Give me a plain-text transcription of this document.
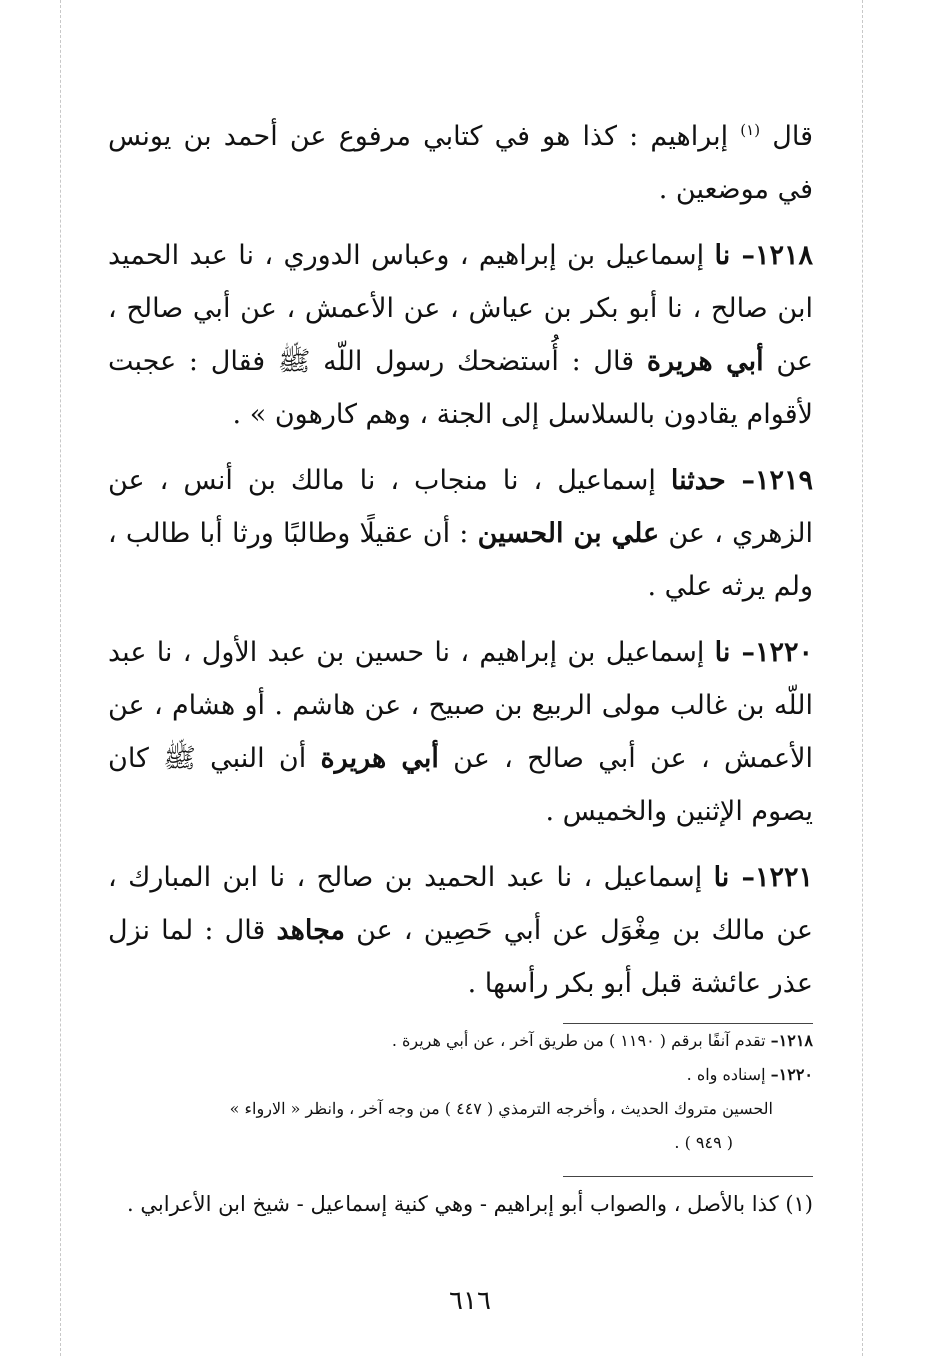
قال $^{(١)}$ إبراهيم : كذا هو في كتابي مرفوع عن أحمد بن يونس في موضعين .

١٢١٨– نا إسماعيل بن إبراهيم ، وعباس الدوري ، نا عبد الحميد ابن صالح ، نا أبو بكر بن عياش ، عن الأعمش ، عن أبي صالح ، عن أبي هريرة قال : أُستضحك رسول اللّه ﷺ فقال : عجبت لأقوام يقادون بالسلاسل إلى الجنة ، وهم كارهون » .

١٢١٩– حدثنا إسماعيل ، نا منجاب ، نا مالك بن أنس ، عن الزهري ، عن علي بن الحسين : أن عقيلًا وطالبًا ورثا أبا طالب ، ولم يرثه علي .

١٢٢٠– نا إسماعيل بن إبراهيم ، نا حسين بن عبد الأول ، نا عبد اللّه بن غالب مولى الربيع بن صبيح ، عن هاشم . أو هشام ، عن الأعمش ، عن أبي صالح ، عن أبي هريرة أن النبي ﷺ كان يصوم الإثنين والخميس .

١٢٢١– نا إسماعيل ، نا عبد الحميد بن صالح ، نا ابن المبارك ، عن مالك بن مِغْوَل عن أبي حَصِين ، عن مجاهد قال : لما نزل عذر عائشة قبل أبو بكر رأسها .

١٢١٨– تقدم آنفًا برقم ( ١١٩٠ ) من طريق آخر ، عن أبي هريرة .

١٢٢٠– إسناده واه .

الحسين متروك الحديث ، وأخرجه الترمذي ( ٤٤٧ ) من وجه آخر ، وانظر « الارواء »

( ٩٤٩ ) .

(١) كذا بالأصل ، والصواب أبو إبراهيم - وهي كنية إسماعيل - شيخ ابن الأعرابي .

٦١٦
